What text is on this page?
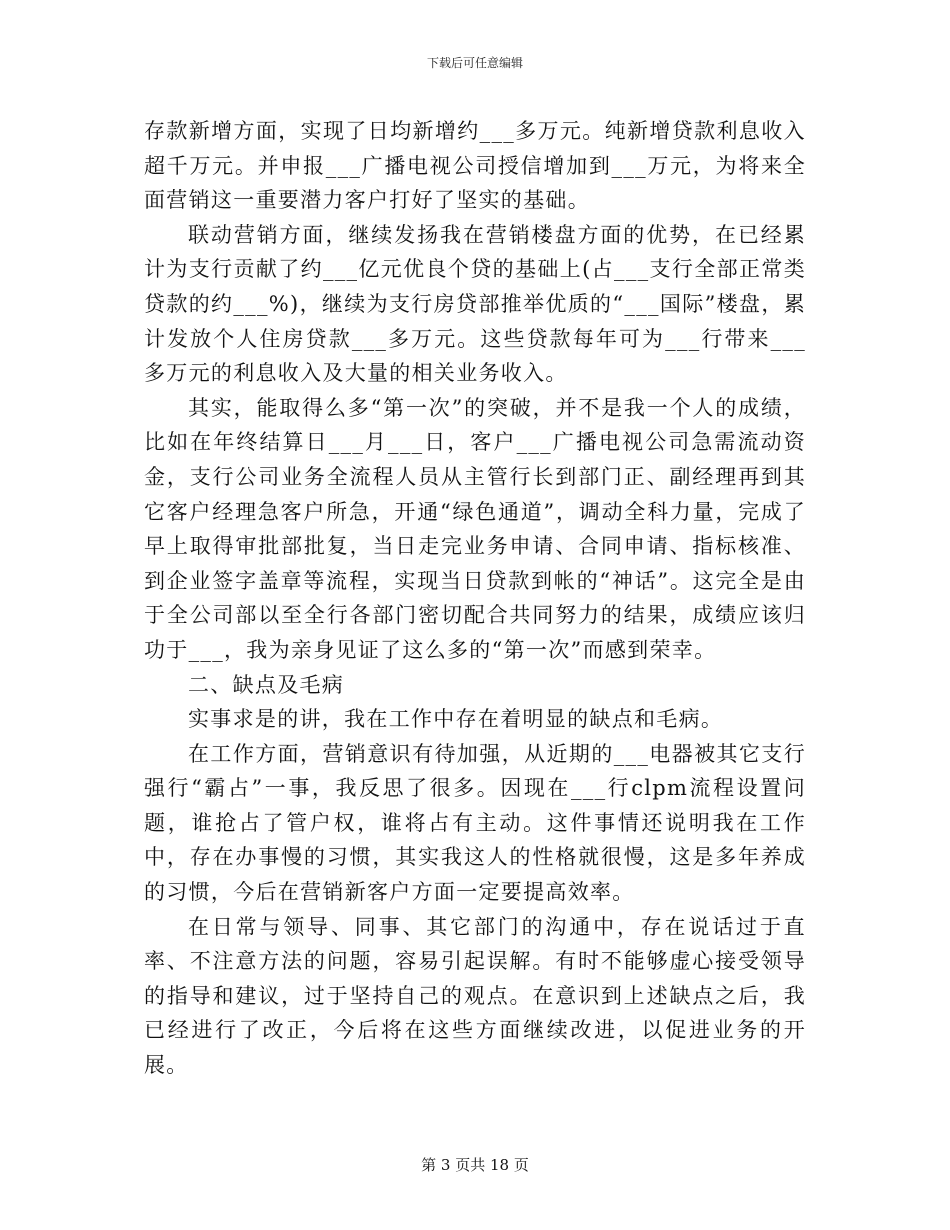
下载后可任意编辑

存款新增方面，实现了日均新增约___多万元。纯新增贷款利息收入超千万元。并申报___广播电视公司授信增加到___万元，为将来全面营销这一重要潜力客户打好了坚实的基础。

联动营销方面，继续发扬我在营销楼盘方面的优势，在已经累计为支行贡献了约___亿元优良个贷的基础上(占___支行全部正常类贷款的约___%)，继续为支行房贷部推举优质的“___国际”楼盘，累计发放个人住房贷款___多万元。这些贷款每年可为___行带来___多万元的利息收入及大量的相关业务收入。

其实，能取得么多“第一次”的突破，并不是我一个人的成绩，比如在年终结算日___月___日，客户___广播电视公司急需流动资金，支行公司业务全流程人员从主管行长到部门正、副经理再到其它客户经理急客户所急，开通“绿色通道”，调动全科力量，完成了早上取得审批部批复，当日走完业务申请、合同申请、指标核准、到企业签字盖章等流程，实现当日贷款到帐的“神话”。这完全是由于全公司部以至全行各部门密切配合共同努力的结果，成绩应该归功于___，我为亲身见证了这么多的“第一次”而感到荣幸。

二、缺点及毛病

实事求是的讲，我在工作中存在着明显的缺点和毛病。

在工作方面，营销意识有待加强，从近期的___电器被其它支行强行“霸占”一事，我反思了很多。因现在___行clpm流程设置问题，谁抢占了管户权，谁将占有主动。这件事情还说明我在工作中，存在办事慢的习惯，其实我这人的性格就很慢，这是多年养成的习惯，今后在营销新客户方面一定要提高效率。

在日常与领导、同事、其它部门的沟通中，存在说话过于直率、不注意方法的问题，容易引起误解。有时不能够虚心接受领导的指导和建议，过于坚持自己的观点。在意识到上述缺点之后，我已经进行了改正，今后将在这些方面继续改进，以促进业务的开展。

第 3 页共 18 页
